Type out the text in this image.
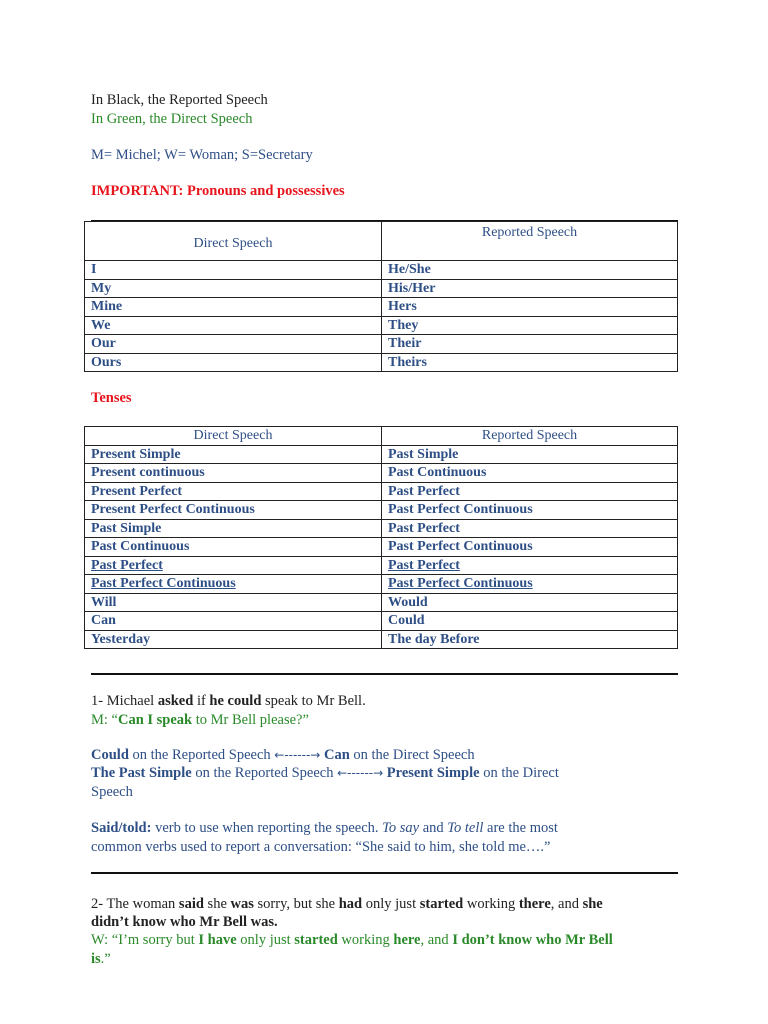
In Black, the Reported Speech
In Green, the Direct Speech
M= Michel; W= Woman; S=Secretary
IMPORTANT: Pronouns and possessives
Direct Speech	Reported Speech
I	He/She
My	His/Her
Mine	Hers
We	They
Our	Their
Ours	Theirs
Tenses
Direct Speech	Reported Speech
Present Simple	Past Simple
Present continuous	Past Continuous
Present Perfect	Past Perfect
Present Perfect Continuous	Past Perfect Continuous
Past Simple	Past Perfect
Past Continuous	Past Perfect Continuous
Past Perfect	Past Perfect
Past Perfect Continuous	Past Perfect Continuous
Will	Would
Can	Could
Yesterday	The day Before
1- Michael asked if he could speak to Mr Bell.
M: “Can I speak to Mr Bell please?”
Could on the Reported Speech ←------→ Can on the Direct Speech
The Past Simple on the Reported Speech ←------→ Present Simple on the Direct
Speech
Said/told: verb to use when reporting the speech. To say and To tell are the most
common verbs used to report a conversation: “She said to him, she told me….”
2- The woman said she was sorry, but she had only just started working there, and she
didn’t know who Mr Bell was.
W: “I’m sorry but I have only just started working here, and I don’t know who Mr Bell
is.”
